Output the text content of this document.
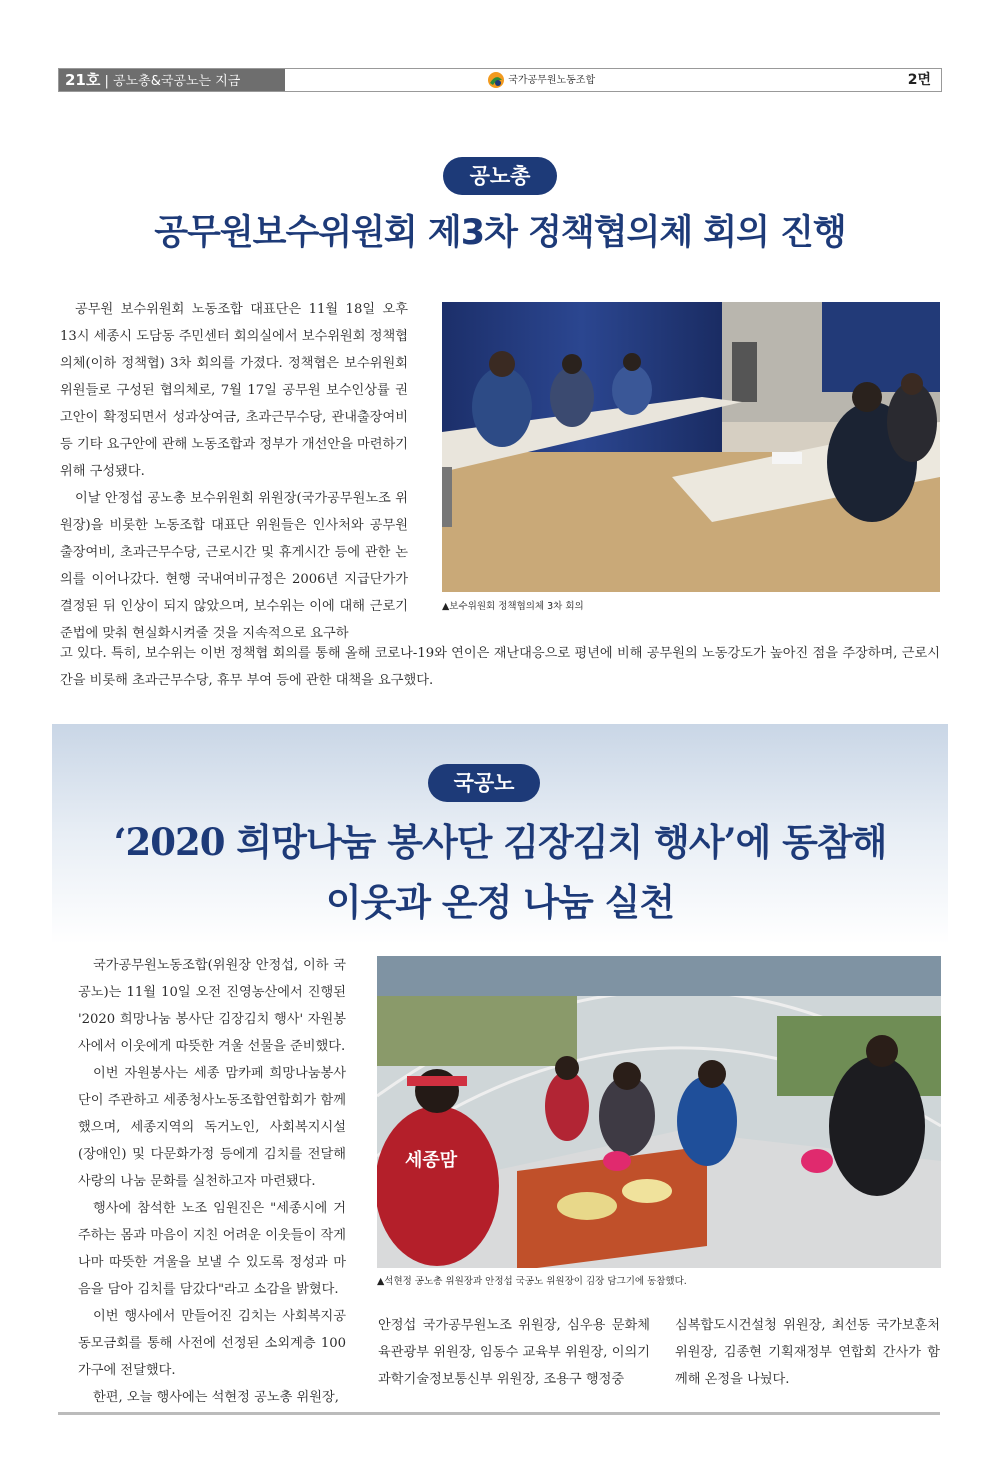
21호 | 공노총&국공노는 지금	국가공무원노동조합	2면
공노총
공무원보수위원회 제3차 정책협의체 회의 진행

공무원 보수위원회 노동조합 대표단은 11월 18일 오후 13시 세종시 도담동 주민센터 회의실에서 보수위원회 정책협의체(이하 정책협) 3차 회의를 가졌다. 정책협은 보수위원회 위원들로 구성된 협의체로, 7월 17일 공무원 보수인상률 권고안이 확정되면서 성과상여금, 초과근무수당, 관내출장여비 등 기타 요구안에 관해 노동조합과 정부가 개선안을 마련하기 위해 구성됐다.

이날 안정섭 공노총 보수위원회 위원장(국가공무원노조 위원장)을 비롯한 노동조합 대표단 위원들은 인사처와 공무원 출장여비, 초과근무수당, 근로시간 및 휴게시간 등에 관한 논의를 이어나갔다. 현행 국내여비규정은 2006년 지급단가가 결정된 뒤 인상이 되지 않았으며, 보수위는 이에 대해 근로기준법에 맞춰 현실화시켜줄 것을 지속적으로 요구하

고 있다. 특히, 보수위는 이번 정책협 회의를 통해 올해 코로나-19와 연이은 재난대응으로 평년에 비해 공무원의 노동강도가 높아진 점을 주장하며, 근로시간을 비롯해 초과근무수당, 휴무 부여 등에 관한 대책을 요구했다.

▲보수위원회 정책협의체 3차 회의
국공노
‘2020 희망나눔 봉사단 김장김치 행사’에 동참해
이웃과 온정 나눔 실천

국가공무원노동조합(위원장 안정섭, 이하 국공노)는 11월 10일 오전 진영농산에서 진행된 '2020 희망나눔 봉사단 김장김치 행사' 자원봉사에서 이웃에게 따뜻한 겨울 선물을 준비했다.

이번 자원봉사는 세종 맘카페 희망나눔봉사단이 주관하고 세종청사노동조합연합회가 함께했으며, 세종지역의 독거노인, 사회복지시설(장애인) 및 다문화가정 등에게 김치를 전달해 사랑의 나눔 문화를 실천하고자 마련됐다.

행사에 참석한 노조 임원진은 "세종시에 거주하는 몸과 마음이 지친 어려운 이웃들이 작게나마 따뜻한 겨울을 보낼 수 있도록 정성과 마음을 담아 김치를 담갔다"라고 소감을 밝혔다.

이번 행사에서 만들어진 김치는 사회복지공동모금회를 통해 사전에 선정된 소외계층 100가구에 전달했다.

한편, 오늘 행사에는 석현정 공노총 위원장,

세종맘
▲석현정 공노총 위원장과 안정섭 국공노 위원장이 김장 담그기에 동참했다.

안정섭 국가공무원노조 위원장, 심우용 문화체육관광부 위원장, 임동수 교육부 위원장, 이의기 과학기술정보통신부 위원장, 조용구 행정중

심복합도시건설청 위원장, 최선동 국가보훈처 위원장, 김종현 기획재정부 연합회 간사가 함께해 온정을 나눴다.
